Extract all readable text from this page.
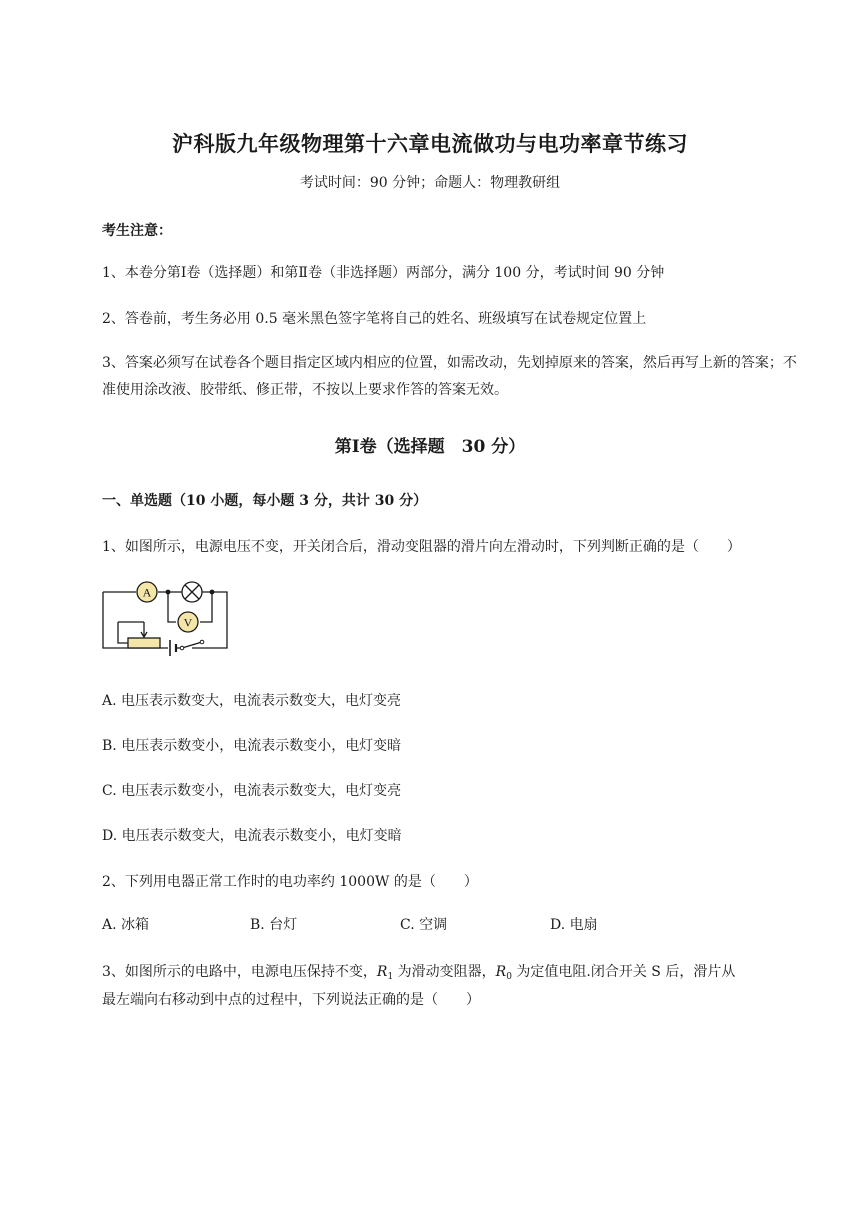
沪科版九年级物理第十六章电流做功与电功率章节练习
考试时间：90 分钟；命题人：物理教研组
考生注意：
1、本卷分第Ⅰ卷（选择题）和第Ⅱ卷（非选择题）两部分，满分 100 分，考试时间 90 分钟
2、答卷前，考生务必用 0.5 毫米黑色签字笔将自己的姓名、班级填写在试卷规定位置上
3、答案必须写在试卷各个题目指定区域内相应的位置，如需改动，先划掉原来的答案，然后再写上新的答案；不准使用涂改液、胶带纸、修正带，不按以上要求作答的答案无效。
第Ⅰ卷（选择题　30 分）
一、单选题（10 小题，每小题 3 分，共计 30 分）
1、如图所示，电源电压不变，开关闭合后，滑动变阻器的滑片向左滑动时，下列判断正确的是（　　）
A
V
A. 电压表示数变大，电流表示数变大，电灯变亮
B. 电压表示数变小，电流表示数变小，电灯变暗
C. 电压表示数变小，电流表示数变大，电灯变亮
D. 电压表示数变大，电流表示数变小，电灯变暗
2、下列用电器正常工作时的电功率约 1000W 的是（　　）
A. 冰箱	B. 台灯	C. 空调	D. 电扇
3、如图所示的电路中，电源电压保持不变，$R_1$ 为滑动变阻器，$R_0$ 为定值电阻.闭合开关 S 后，滑片从
最左端向右移动到中点的过程中，下列说法正确的是（　　）
